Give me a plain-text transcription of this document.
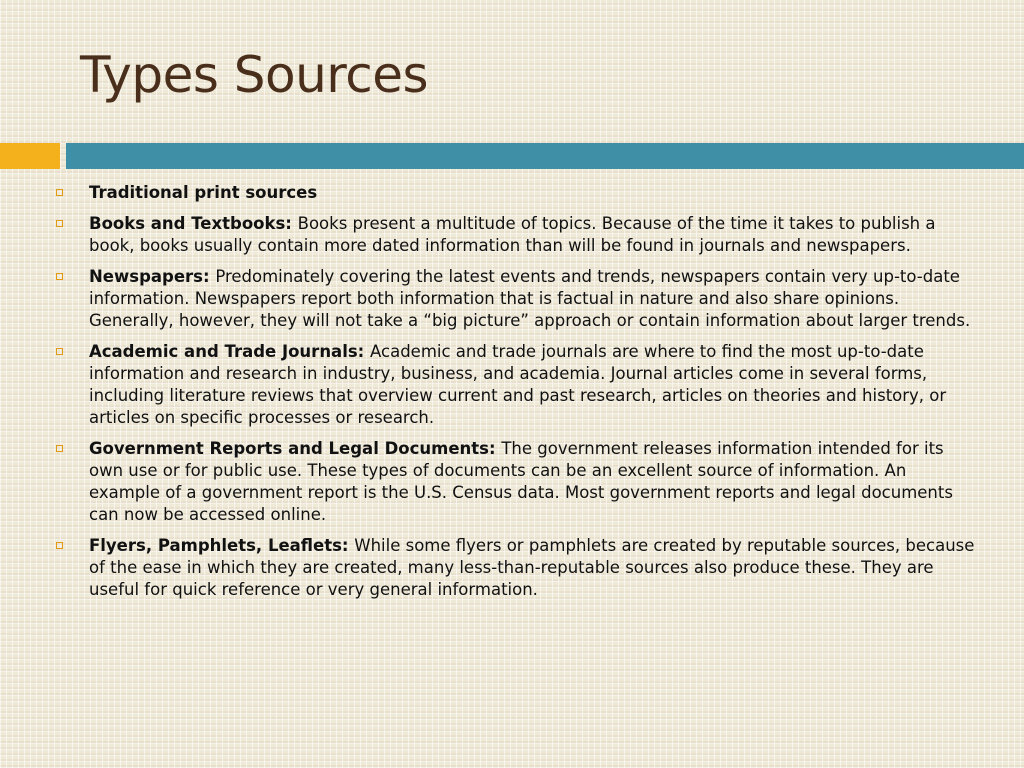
Types Sources
Traditional print sources
Books and Textbooks: Books present a multitude of topics. Because of the time it takes to publish a book, books usually contain more dated information than will be found in journals and newspapers.
Newspapers: Predominately covering the latest events and trends, newspapers contain very up-to-date information. Newspapers report both information that is factual in nature and also share opinions. Generally, however, they will not take a “big picture” approach or contain information about larger trends.
Academic and Trade Journals: Academic and trade journals are where to find the most up-to-date information and research in industry, business, and academia. Journal articles come in several forms, including literature reviews that overview current and past research, articles on theories and history, or articles on specific processes or research.
Government Reports and Legal Documents: The government releases information intended for its own use or for public use. These types of documents can be an excellent source of information. An example of a government report is the U.S. Census data. Most government reports and legal documents can now be accessed online.
Flyers, Pamphlets, Leaflets: While some flyers or pamphlets are created by reputable sources, because of the ease in which they are created, many less-than-reputable sources also produce these. They are useful for quick reference or very general information.
